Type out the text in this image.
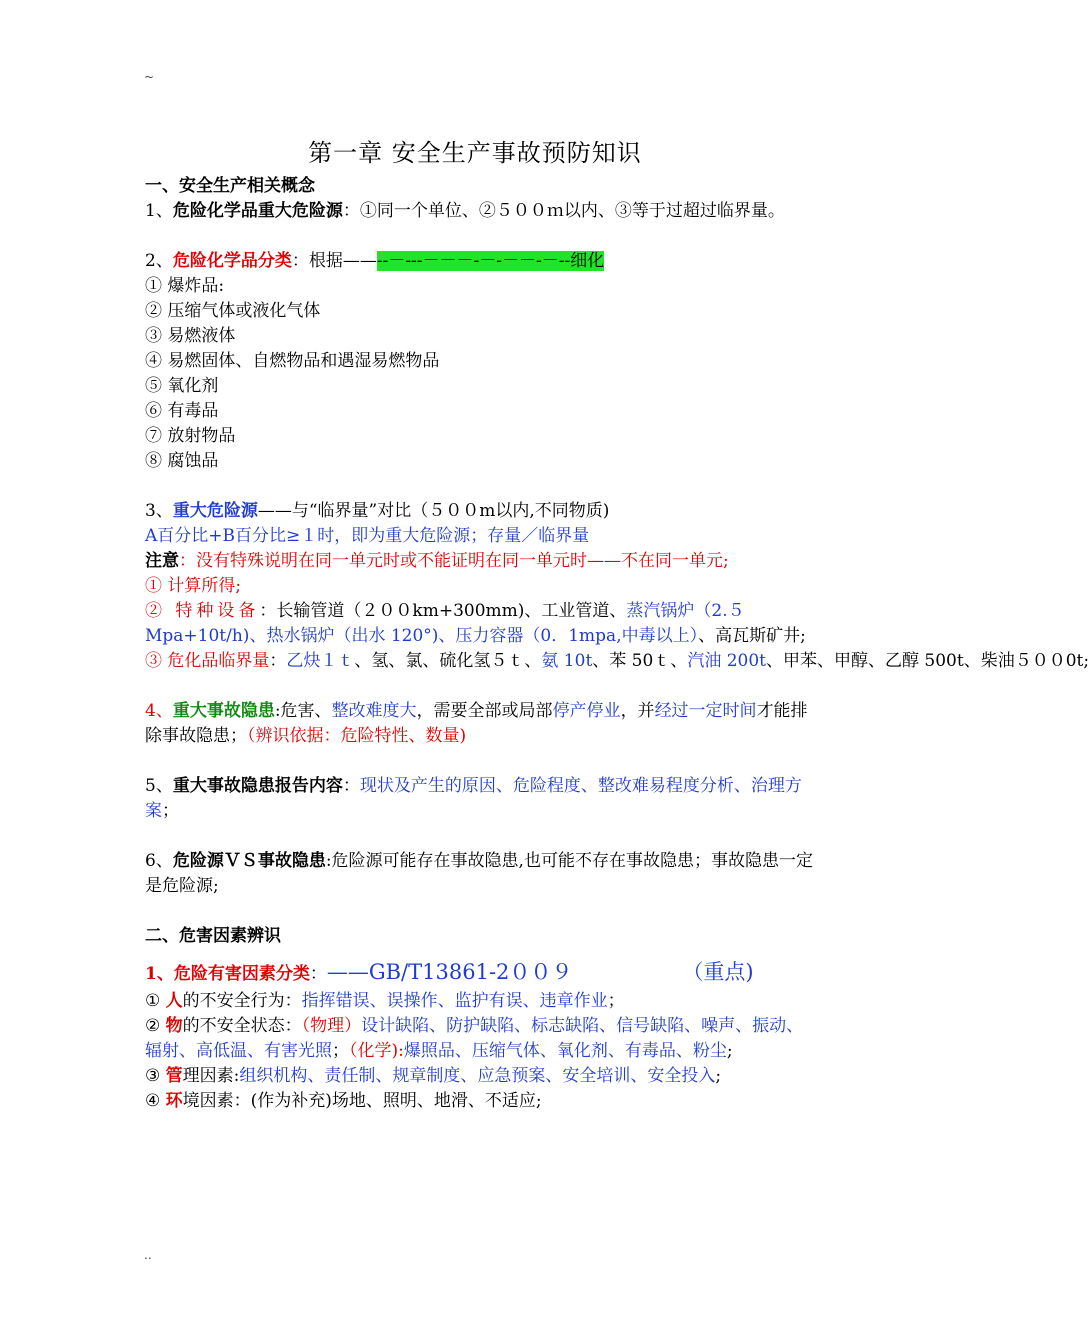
~
第一章 安全生产事故预防知识
一、安全生产相关概念
1、危险化学品重大危险源：①同一个单位、②５００ｍ以内、③等于过超过临界量。
2、危险化学品分类：根据——--－---－－－-－-－－-－--细化
① 爆炸品:
② 压缩气体或液化气体
③ 易燃液体
④ 易燃固体、自燃物品和遇湿易燃物品
⑤ 氧化剂
⑥ 有毒品
⑦ 放射物品
⑧ 腐蚀品
3、重大危险源——与“临界量”对比（５００m以内,不同物质)
A百分比+B百分比≥１时，即为重大危险源；存量／临界量
注意：没有特殊说明在同一单元时或不能证明在同一单元时——不在同一单元;
① 计算所得;
② 特种设备：长输管道（２００km+300mm)、工业管道、蒸汽锅炉（2.５Mpa+10t/h)、热水锅炉（出水 120°)、压力容器（0．1mpa,中毒以上）、高瓦斯矿井;
③ 危化品临界量：乙炔１ｔ、氢、氯、硫化氢５ｔ、氨 10t、苯 50ｔ、汽油 200t、甲苯、甲醇、乙醇 500t、柴油５００0t;
4、重大事故隐患:危害、整改难度大，需要全部或局部停产停业，并经过一定时间才能排除事故隐患；（辨识依据：危险特性、数量)
5、重大事故隐患报告内容：现状及产生的原因、危险程度、整改难易程度分析、治理方案；
6、危险源ＶＳ事故隐患:危险源可能存在事故隐患,也可能不存在事故隐患；事故隐患一定是危险源;
二、危害因素辨识
1、危险有害因素分类：——GB/T13861-2００９	（重点)
① 人的不安全行为：指挥错误、误操作、监护有误、违章作业；
② 物的不安全状态：（物理）设计缺陷、防护缺陷、标志缺陷、信号缺陷、噪声、振动、辐射、高低温、有害光照；（化学):爆照品、压缩气体、氧化剂、有毒品、粉尘;
③ 管理因素:组织机构、责任制、规章制度、应急预案、安全培训、安全投入;
④ 环境因素：(作为补充)场地、照明、地滑、不适应;
..
